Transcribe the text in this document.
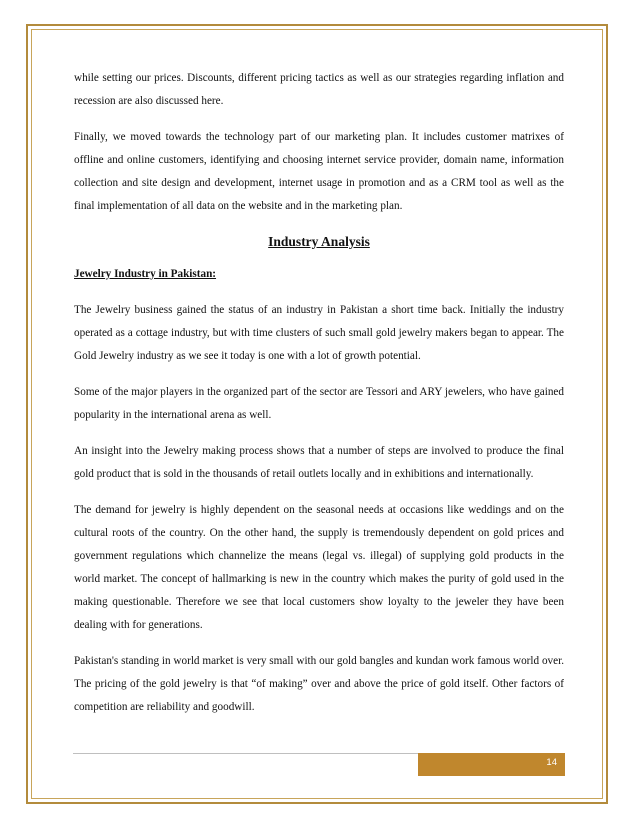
while setting our prices. Discounts, different pricing tactics as well as our strategies regarding inflation and recession are also discussed here.

Finally, we moved towards the technology part of our marketing plan. It includes customer matrixes of offline and online customers, identifying and choosing internet service provider, domain name, information collection and site design and development, internet usage in promotion and as a CRM tool as well as the final implementation of all data on the website and in the marketing plan.

Industry Analysis
Jewelry Industry in Pakistan:

The Jewelry business gained the status of an industry in Pakistan a short time back. Initially the industry operated as a cottage industry, but with time clusters of such small gold jewelry makers began to appear. The Gold Jewelry industry as we see it today is one with a lot of growth potential.

Some of the major players in the organized part of the sector are Tessori and ARY jewelers, who have gained popularity in the international arena as well.

An insight into the Jewelry making process shows that a number of steps are involved to produce the final gold product that is sold in the thousands of retail outlets locally and in exhibitions and internationally.

The demand for jewelry is highly dependent on the seasonal needs at occasions like weddings and on the cultural roots of the country. On the other hand, the supply is tremendously dependent on gold prices and government regulations which channelize the means (legal vs. illegal) of supplying gold products in the world market. The concept of hallmarking is new in the country which makes the purity of gold used in the making questionable. Therefore we see that local customers show loyalty to the jeweler they have been dealing with for generations.

Pakistan's standing in world market is very small with our gold bangles and kundan work famous world over. The pricing of the gold jewelry is that “of making” over and above the price of gold itself. Other factors of competition are reliability and goodwill.

14
